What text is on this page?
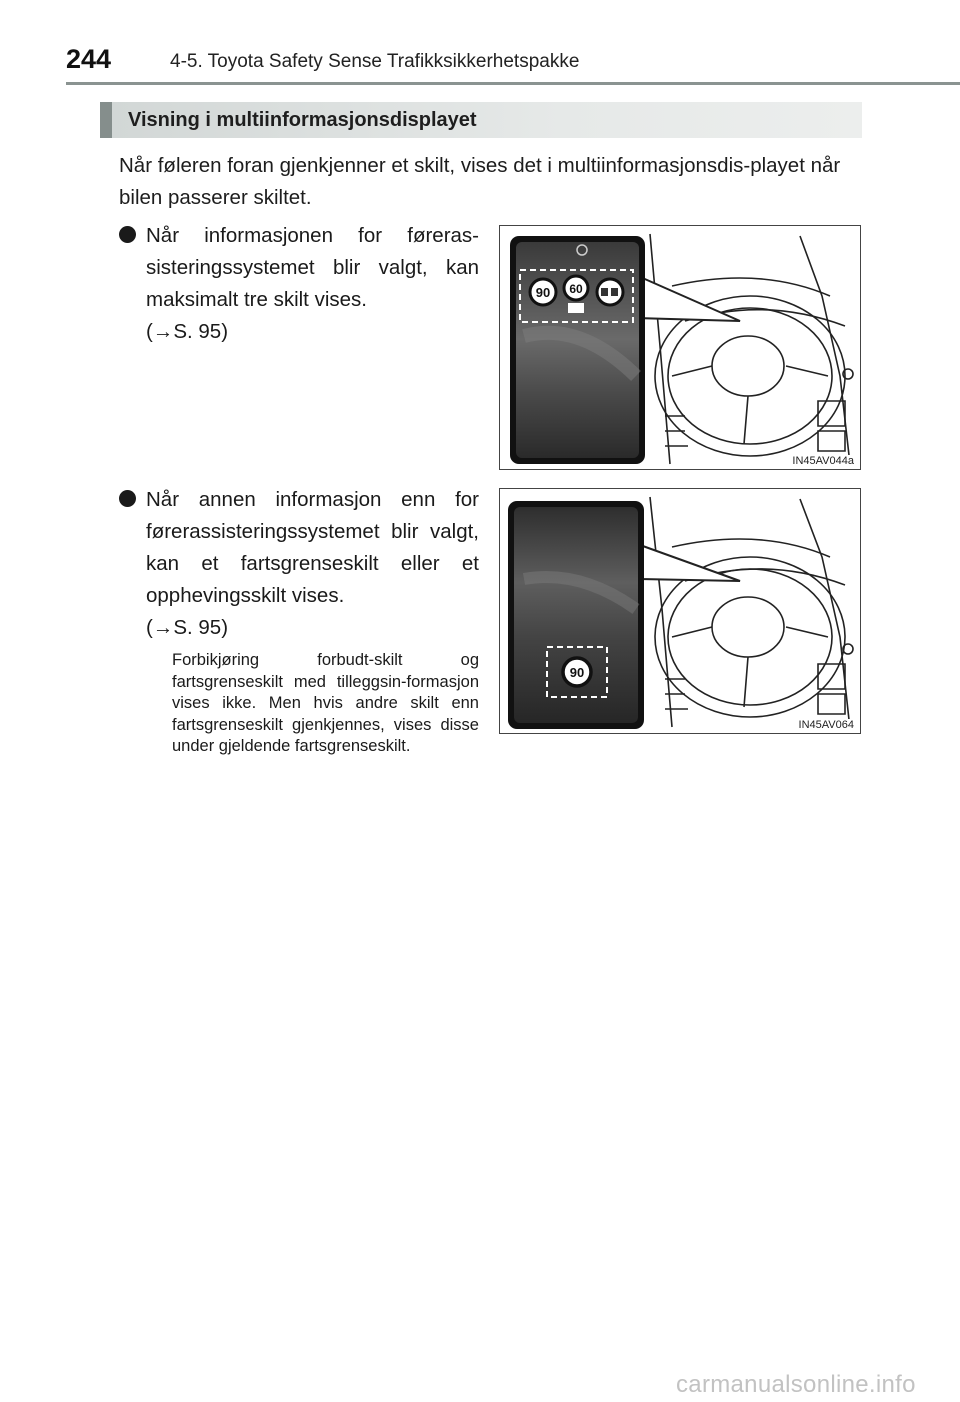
244	4-5. Toyota Safety Sense Trafikksikkerhetspakke
Visning i multiinformasjonsdisplayet
Når føleren foran gjenkjenner et skilt, vises det i multiinformasjonsdis-playet når bilen passerer skiltet.
Når informasjonen for føreras-sisteringssystemet blir valgt, kan maksimalt tre skilt vises.
(→S. 95)
90 60
IN45AV044a
Når annen informasjon enn for førerassisteringssystemet blir valgt, kan et fartsgrenseskilt eller et opphevingsskilt vises.
(→S. 95)
Forbikjøring forbudt-skilt og fartsgrenseskilt med tilleggsin-formasjon vises ikke. Men hvis andre skilt enn fartsgrenseskilt gjenkjennes, vises disse under gjeldende fartsgrenseskilt.
90
IN45AV064
carmanualsonline.info
